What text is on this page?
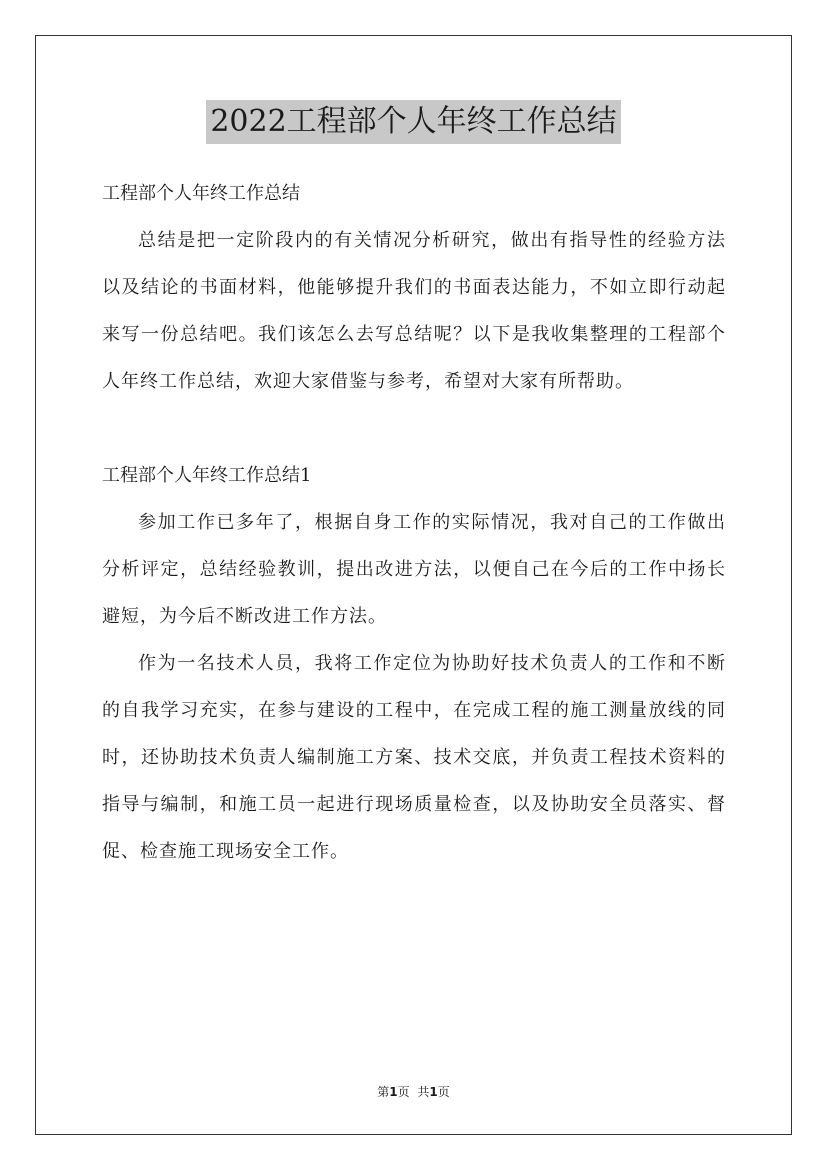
2022工程部个人年终工作总结

工程部个人年终工作总结

总结是把一定阶段内的有关情况分析研究，做出有指导性的经验方法以及结论的书面材料，他能够提升我们的书面表达能力，不如立即行动起来写一份总结吧。我们该怎么去写总结呢？以下是我收集整理的工程部个人年终工作总结，欢迎大家借鉴与参考，希望对大家有所帮助。

工程部个人年终工作总结1

参加工作已多年了，根据自身工作的实际情况，我对自己的工作做出分析评定，总结经验教训，提出改进方法，以便自己在今后的工作中扬长避短，为今后不断改进工作方法。

作为一名技术人员，我将工作定位为协助好技术负责人的工作和不断的自我学习充实，在参与建设的工程中，在完成工程的施工测量放线的同时，还协助技术负责人编制施工方案、技术交底，并负责工程技术资料的指导与编制，和施工员一起进行现场质量检查，以及协助安全员落实、督促、检查施工现场安全工作。

第1页 共1页
